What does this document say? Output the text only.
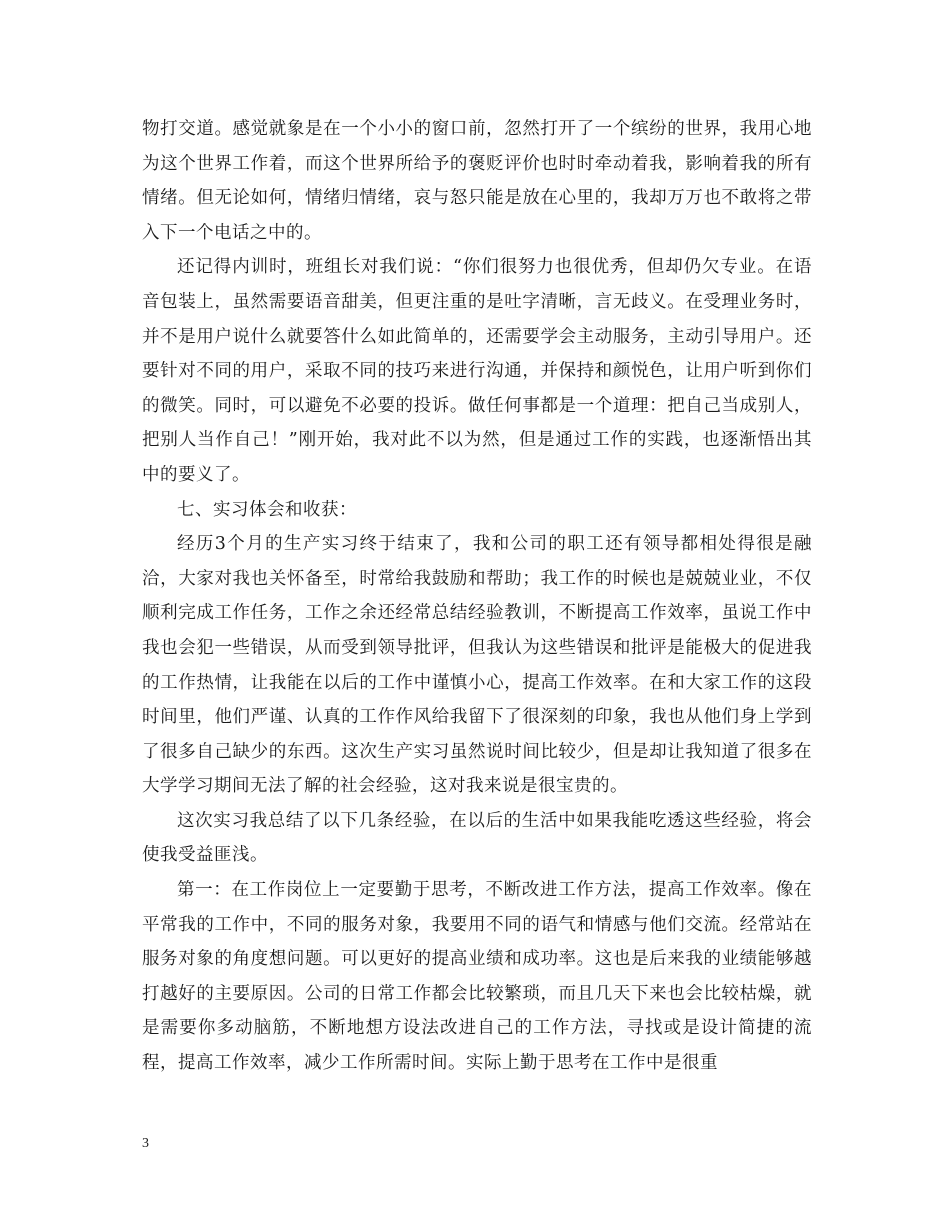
物打交道。感觉就象是在一个小小的窗口前，忽然打开了一个缤纷的世界，我用心地为这个世界工作着，而这个世界所给予的褒贬评价也时时牵动着我，影响着我的所有情绪。但无论如何，情绪归情绪，哀与怒只能是放在心里的，我却万万也不敢将之带入下一个电话之中的。

还记得内训时，班组长对我们说：“你们很努力也很优秀，但却仍欠专业。在语音包装上，虽然需要语音甜美，但更注重的是吐字清晰，言无歧义。在受理业务时，并不是用户说什么就要答什么如此简单的，还需要学会主动服务，主动引导用户。还要针对不同的用户，采取不同的技巧来进行沟通，并保持和颜悦色，让用户听到你们的微笑。同时，可以避免不必要的投诉。做任何事都是一个道理：把自己当成别人，把别人当作自己！”刚开始，我对此不以为然，但是通过工作的实践，也逐渐悟出其中的要义了。

七、实习体会和收获：

经历3个月的生产实习终于结束了，我和公司的职工还有领导都相处得很是融洽，大家对我也关怀备至，时常给我鼓励和帮助；我工作的时候也是兢兢业业，不仅顺利完成工作任务，工作之余还经常总结经验教训，不断提高工作效率，虽说工作中我也会犯一些错误，从而受到领导批评，但我认为这些错误和批评是能极大的促进我的工作热情，让我能在以后的工作中谨慎小心，提高工作效率。在和大家工作的这段时间里，他们严谨、认真的工作作风给我留下了很深刻的印象，我也从他们身上学到了很多自己缺少的东西。这次生产实习虽然说时间比较少，但是却让我知道了很多在大学学习期间无法了解的社会经验，这对我来说是很宝贵的。

这次实习我总结了以下几条经验，在以后的生活中如果我能吃透这些经验，将会使我受益匪浅。

第一：在工作岗位上一定要勤于思考，不断改进工作方法，提高工作效率。像在平常我的工作中，不同的服务对象，我要用不同的语气和情感与他们交流。经常站在服务对象的角度想问题。可以更好的提高业绩和成功率。这也是后来我的业绩能够越打越好的主要原因。公司的日常工作都会比较繁琐，而且几天下来也会比较枯燥，就是需要你多动脑筋，不断地想方设法改进自己的工作方法，寻找或是设计简捷的流程，提高工作效率，减少工作所需时间。实际上勤于思考在工作中是很重

3
